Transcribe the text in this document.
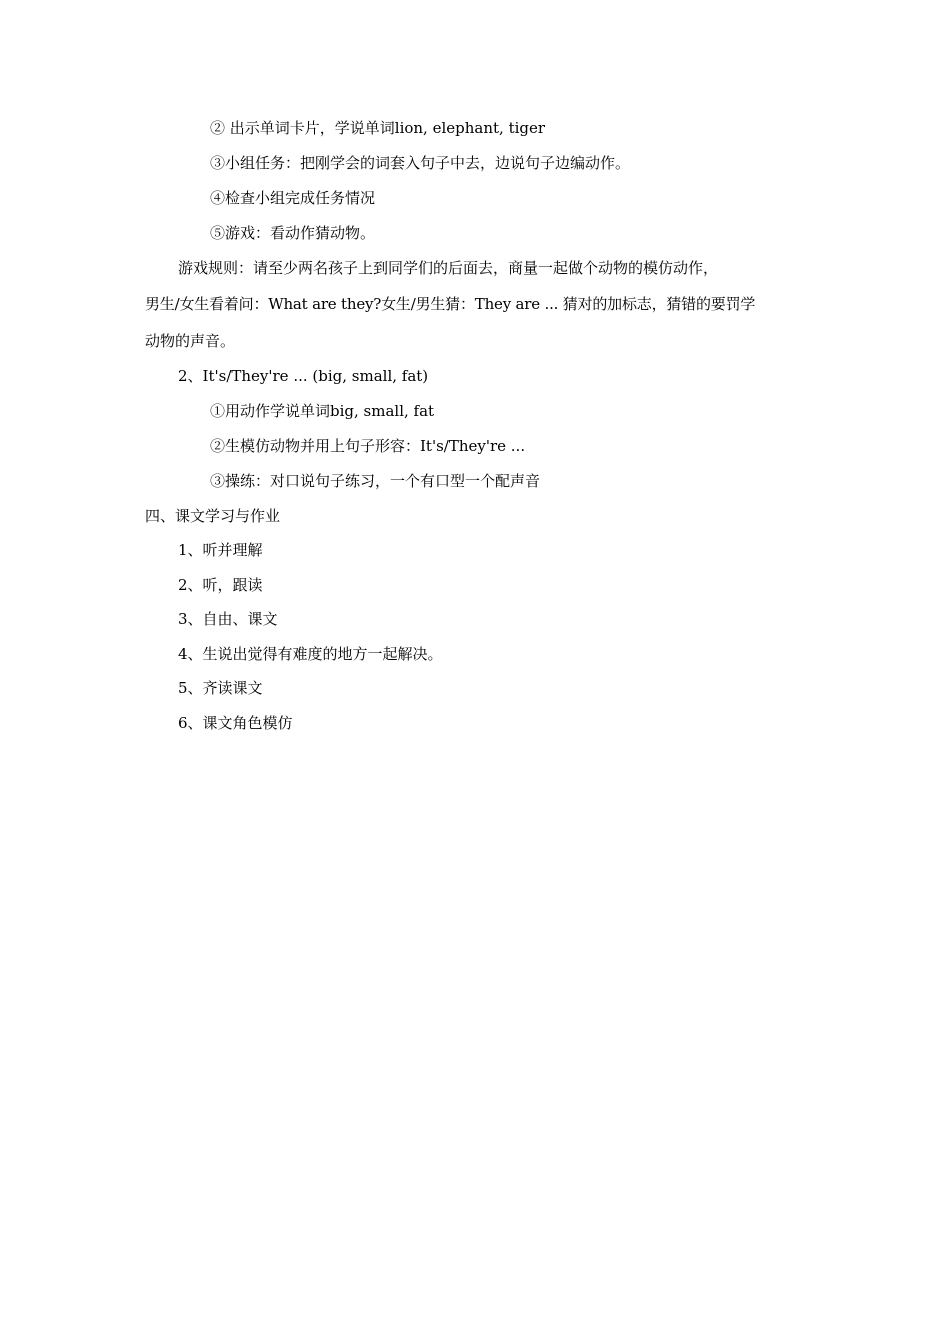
② 出示单词卡片，学说单词lion, elephant, tiger
③小组任务：把刚学会的词套入句子中去，边说句子边编动作。
④检查小组完成任务情况
⑤游戏：看动作猜动物。
游戏规则：请至少两名孩子上到同学们的后面去，商量一起做个动物的模仿动作，
男生/女生看着问：What are they?女生/男生猜：They are ... 猜对的加标志，猜错的要罚学
动物的声音。
2、It's/They're ... (big, small, fat)
①用动作学说单词big, small, fat
②生模仿动物并用上句子形容：It's/They're ...
③操练：对口说句子练习，一个有口型一个配声音
四、课文学习与作业
1、听并理解
2、听，跟读
3、自由、课文
4、生说出觉得有难度的地方一起解决。
5、齐读课文
6、课文角色模仿
